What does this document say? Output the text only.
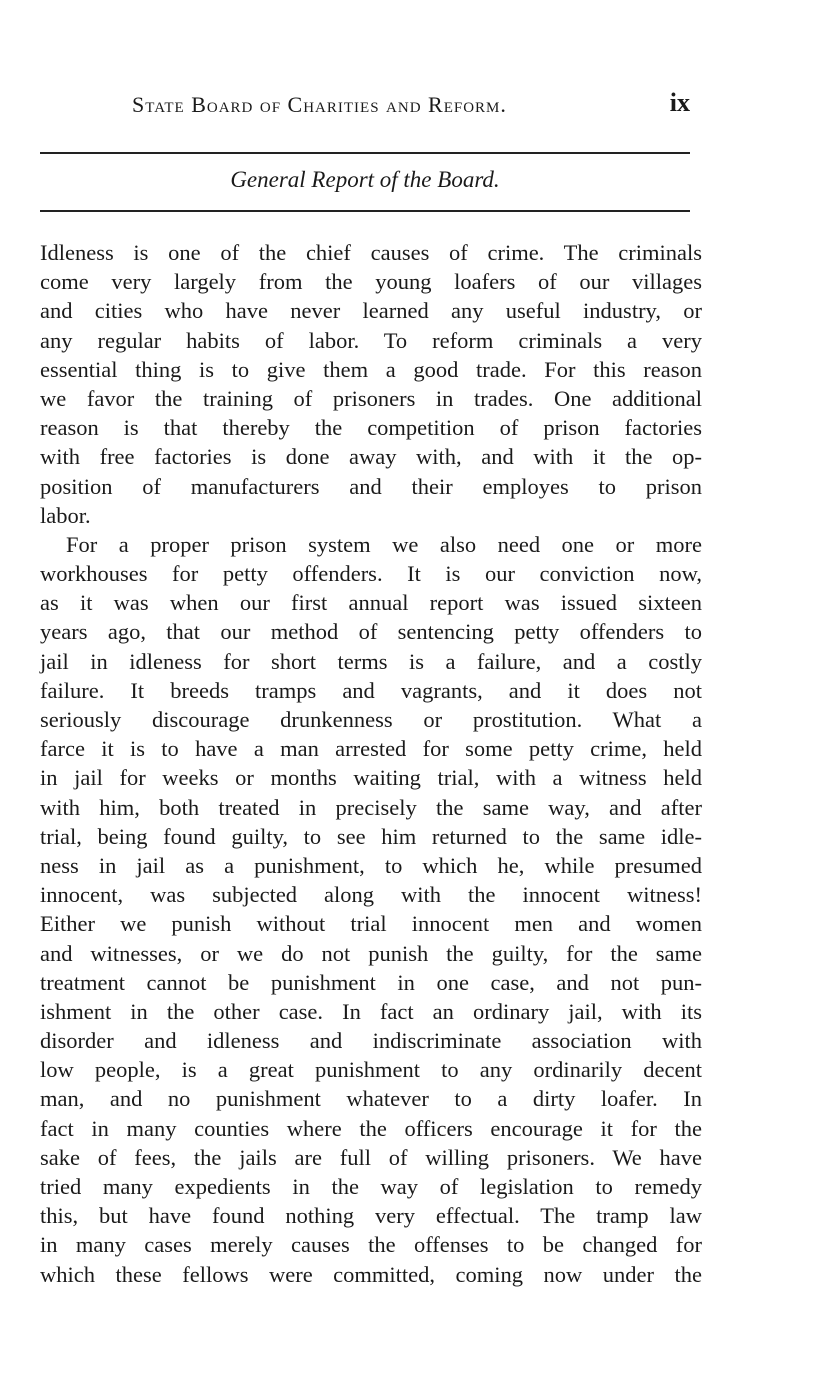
State Board of Charities and Reform.	ix
General Report of the Board.
Idleness is one of the chief causes of crime. The criminals
come very largely from the young loafers of our villages
and cities who have never learned any useful industry, or
any regular habits of labor. To reform criminals a very
essential thing is to give them a good trade. For this reason
we favor the training of prisoners in trades. One additional
reason is that thereby the competition of prison factories
with free factories is done away with, and with it the op-
position of manufacturers and their employes to prison
labor.
For a proper prison system we also need one or more
workhouses for petty offenders. It is our conviction now,
as it was when our first annual report was issued sixteen
years ago, that our method of sentencing petty offenders to
jail in idleness for short terms is a failure, and a costly
failure. It breeds tramps and vagrants, and it does not
seriously discourage drunkenness or prostitution. What a
farce it is to have a man arrested for some petty crime, held
in jail for weeks or months waiting trial, with a witness held
with him, both treated in precisely the same way, and after
trial, being found guilty, to see him returned to the same idle-
ness in jail as a punishment, to which he, while presumed
innocent, was subjected along with the innocent witness!
Either we punish without trial innocent men and women
and witnesses, or we do not punish the guilty, for the same
treatment cannot be punishment in one case, and not pun-
ishment in the other case. In fact an ordinary jail, with its
disorder and idleness and indiscriminate association with
low people, is a great punishment to any ordinarily decent
man, and no punishment whatever to a dirty loafer. In
fact in many counties where the officers encourage it for the
sake of fees, the jails are full of willing prisoners. We have
tried many expedients in the way of legislation to remedy
this, but have found nothing very effectual. The tramp law
in many cases merely causes the offenses to be changed for
which these fellows were committed, coming now under the
